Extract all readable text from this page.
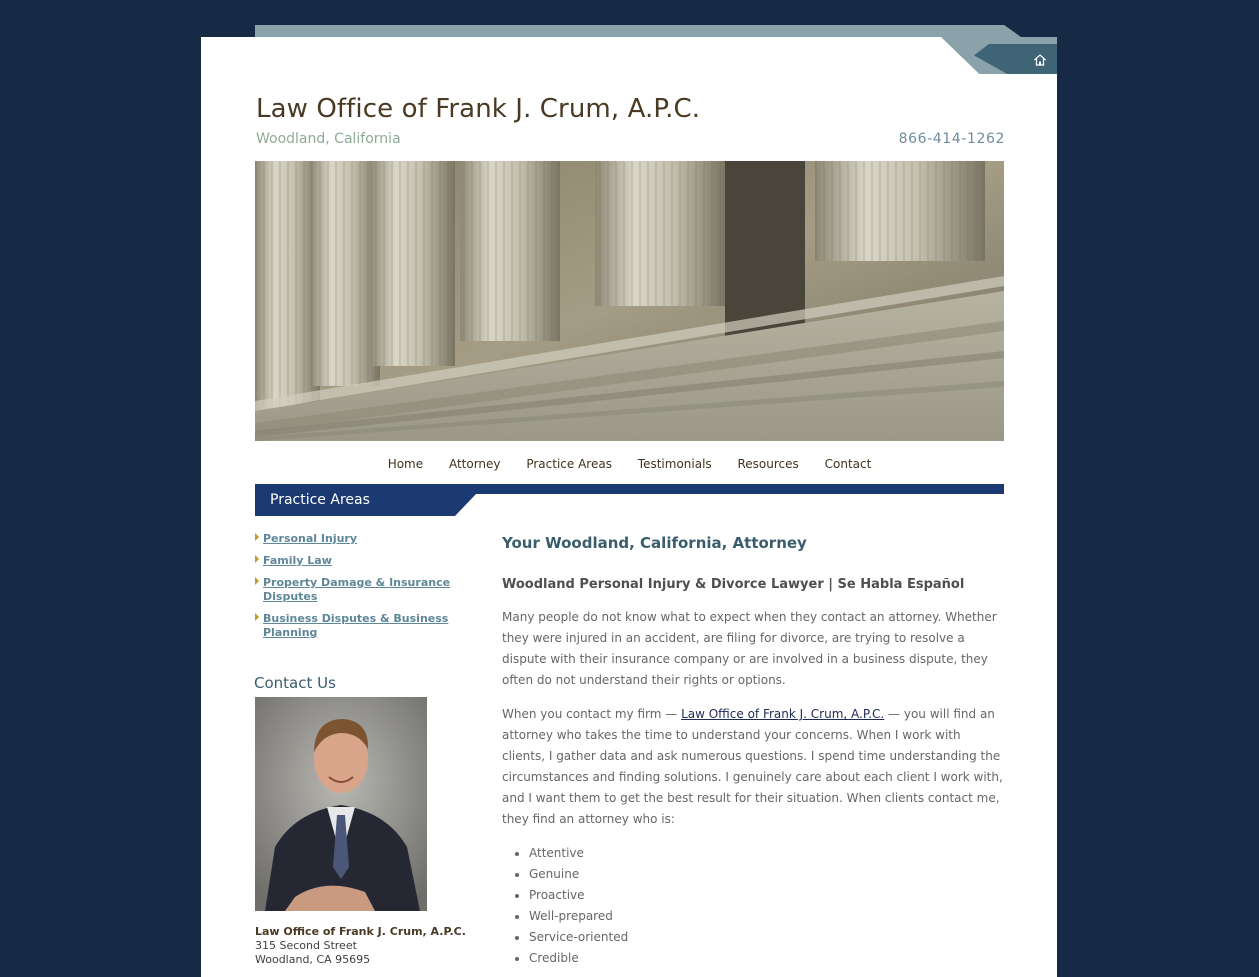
Law Office of Frank J. Crum, A.P.C.
Woodland, California	866-414-1262
Home Attorney Practice Areas Testimonials Resources Contact
Practice Areas
Personal Injury
Family Law
Property Damage & Insurance Disputes
Business Disputes & Business Planning
Contact Us
Law Office of Frank J. Crum, A.P.C.
315 Second Street
Woodland, CA 95695
Your Woodland, California, Attorney
Woodland Personal Injury & Divorce Lawyer | Se Habla Español

Many people do not know what to expect when they contact an attorney. Whether they were injured in an accident, are filing for divorce, are trying to resolve a dispute with their insurance company or are involved in a business dispute, they often do not understand their rights or options.

When you contact my firm — Law Office of Frank J. Crum, A.P.C. — you will find an attorney who takes the time to understand your concerns. When I work with clients, I gather data and ask numerous questions. I spend time understanding the circumstances and finding solutions. I genuinely care about each client I work with, and I want them to get the best result for their situation. When clients contact me, they find an attorney who is:

• Attentive
• Genuine
• Proactive
• Well-prepared
• Service-oriented
• Credible
